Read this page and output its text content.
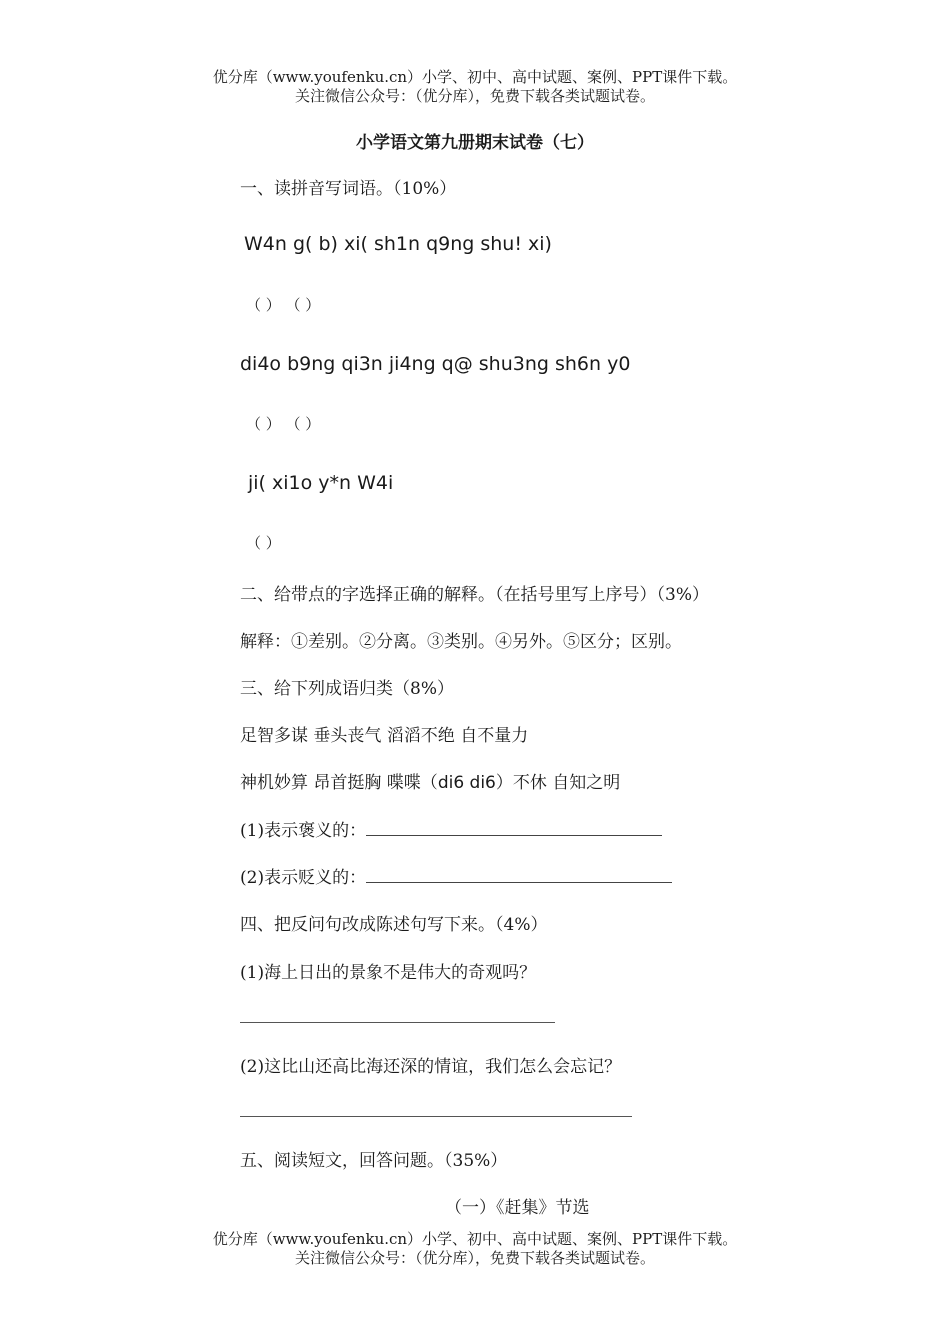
优分库（www.youfenku.cn）小学、初中、高中试题、案例、PPT课件下载。
关注微信公众号：（优分库），免费下载各类试题试卷。
小学语文第九册期末试卷（七）
一、读拼音写词语。（10%）
W4n g( b) xi( sh1n q9ng shu! xi)
（ ） （ ）
di4o b9ng qi3n ji4ng q@ shu3ng sh6n y0
（ ） （ ）
ji( xi1o y*n W4i
（ ）
二、给带点的字选择正确的解释。（在括号里写上序号）（3%）
解释：①差别。②分离。③类别。④另外。⑤区分；区别。
三、给下列成语归类（8%）
足智多谋 垂头丧气 滔滔不绝 自不量力
神机妙算 昂首挺胸 喋喋（di6 di6）不休 自知之明
(1)表示褒义的：
(2)表示贬义的：
四、把反问句改成陈述句写下来。（4%）
(1)海上日出的景象不是伟大的奇观吗？
(2)这比山还高比海还深的情谊，我们怎么会忘记？
五、阅读短文，回答问题。（35%）
（一）《赶集》节选
优分库（www.youfenku.cn）小学、初中、高中试题、案例、PPT课件下载。
关注微信公众号：（优分库），免费下载各类试题试卷。
